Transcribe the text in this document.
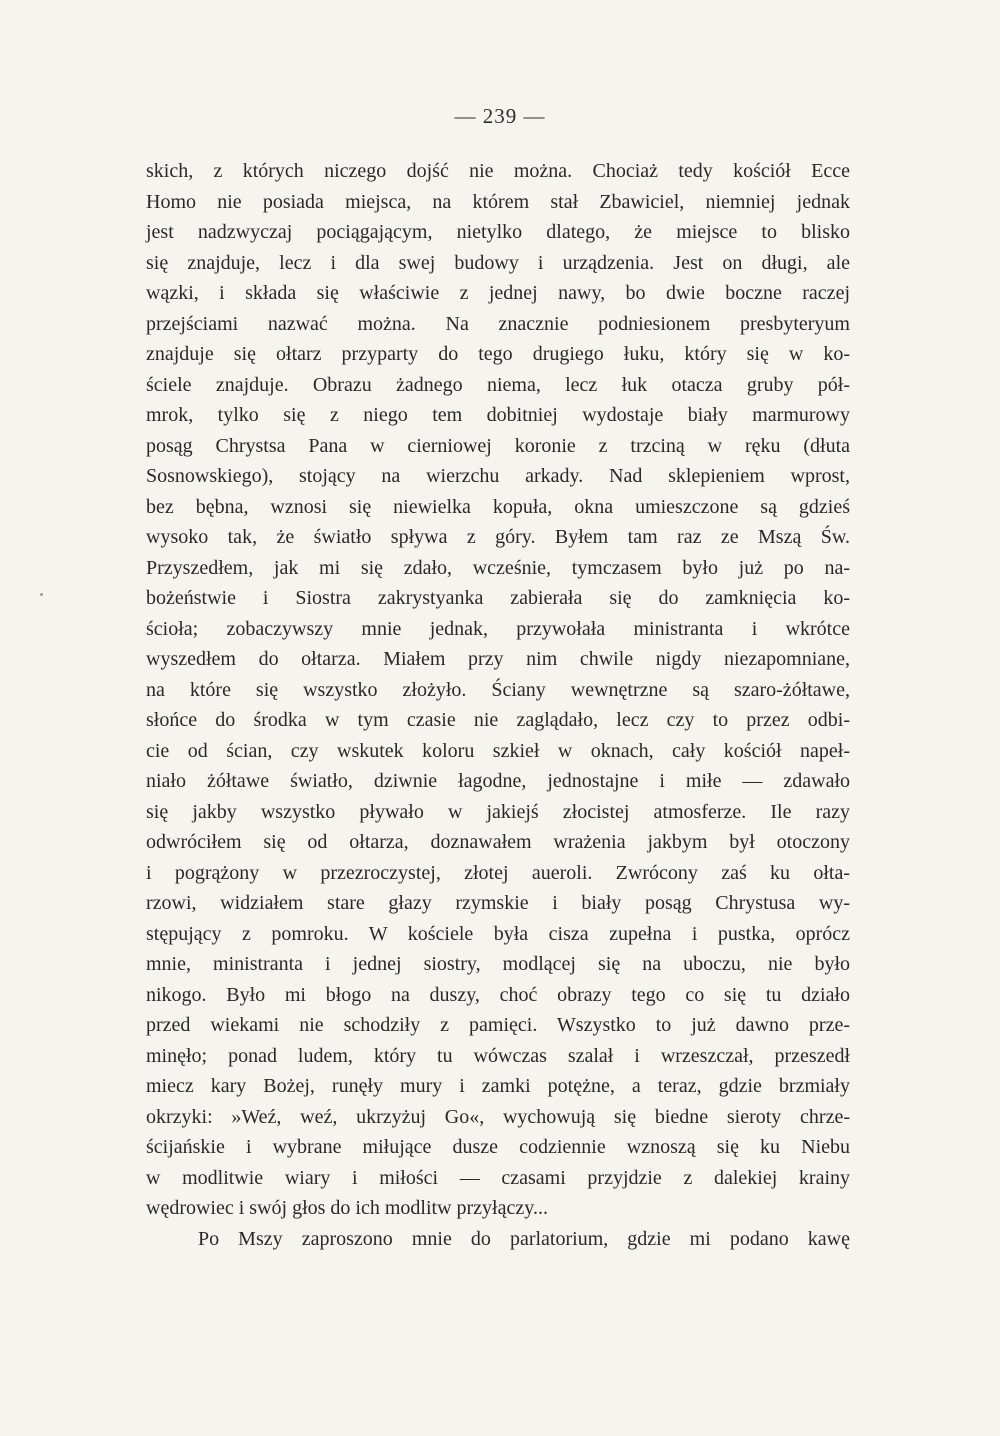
— 239 —
skich, z których niczego dojść nie można. Chociaż tedy kościół Ecce
Homo nie posiada miejsca, na którem stał Zbawiciel, niemniej jednak
jest nadzwyczaj pociągającym, nietylko dlatego, że miejsce to blisko
się znajduje, lecz i dla swej budowy i urządzenia. Jest on długi, ale
wązki, i składa się właściwie z jednej nawy, bo dwie boczne raczej
przejściami nazwać można. Na znacznie podniesionem presbyteryum
znajduje się ołtarz przyparty do tego drugiego łuku, który się w ko-
ściele znajduje. Obrazu żadnego niema, lecz łuk otacza gruby pół-
mrok, tylko się z niego tem dobitniej wydostaje biały marmurowy
posąg Chrystsa Pana w cierniowej koronie z trzciną w ręku (dłuta
Sosnowskiego), stojący na wierzchu arkady. Nad sklepieniem wprost,
bez bębna, wznosi się niewielka kopuła, okna umieszczone są gdzieś
wysoko tak, że światło spływa z góry. Byłem tam raz ze Mszą Św.
Przyszedłem, jak mi się zdało, wcześnie, tymczasem było już po na-
bożeństwie i Siostra zakrystyanka zabierała się do zamknięcia ko-
ścioła; zobaczywszy mnie jednak, przywołała ministranta i wkrótce
wyszedłem do ołtarza. Miałem przy nim chwile nigdy niezapomniane,
na które się wszystko złożyło. Ściany wewnętrzne są szaro-żółtawe,
słońce do środka w tym czasie nie zaglądało, lecz czy to przez odbi-
cie od ścian, czy wskutek koloru szkieł w oknach, cały kościół napeł-
niało żółtawe światło, dziwnie łagodne, jednostajne i miłe — zdawało
się jakby wszystko pływało w jakiejś złocistej atmosferze. Ile razy
odwróciłem się od ołtarza, doznawałem wrażenia jakbym był otoczony
i pogrążony w przezroczystej, złotej aueroli. Zwrócony zaś ku ołta-
rzowi, widziałem stare głazy rzymskie i biały posąg Chrystusa wy-
stępujący z pomroku. W kościele była cisza zupełna i pustka, oprócz
mnie, ministranta i jednej siostry, modlącej się na uboczu, nie było
nikogo. Było mi błogo na duszy, choć obrazy tego co się tu działo
przed wiekami nie schodziły z pamięci. Wszystko to już dawno prze-
minęło; ponad ludem, który tu wówczas szalał i wrzeszczał, przeszedł
miecz kary Bożej, runęły mury i zamki potężne, a teraz, gdzie brzmiały
okrzyki: »Weź, weź, ukrzyżuj Go«, wychowują się biedne sieroty chrze-
ścijańskie i wybrane miłujące dusze codziennie wznoszą się ku Niebu
w modlitwie wiary i miłości — czasami przyjdzie z dalekiej krainy
wędrowiec i swój głos do ich modlitw przyłączy...
Po Mszy zaproszono mnie do parlatorium, gdzie mi podano kawę
